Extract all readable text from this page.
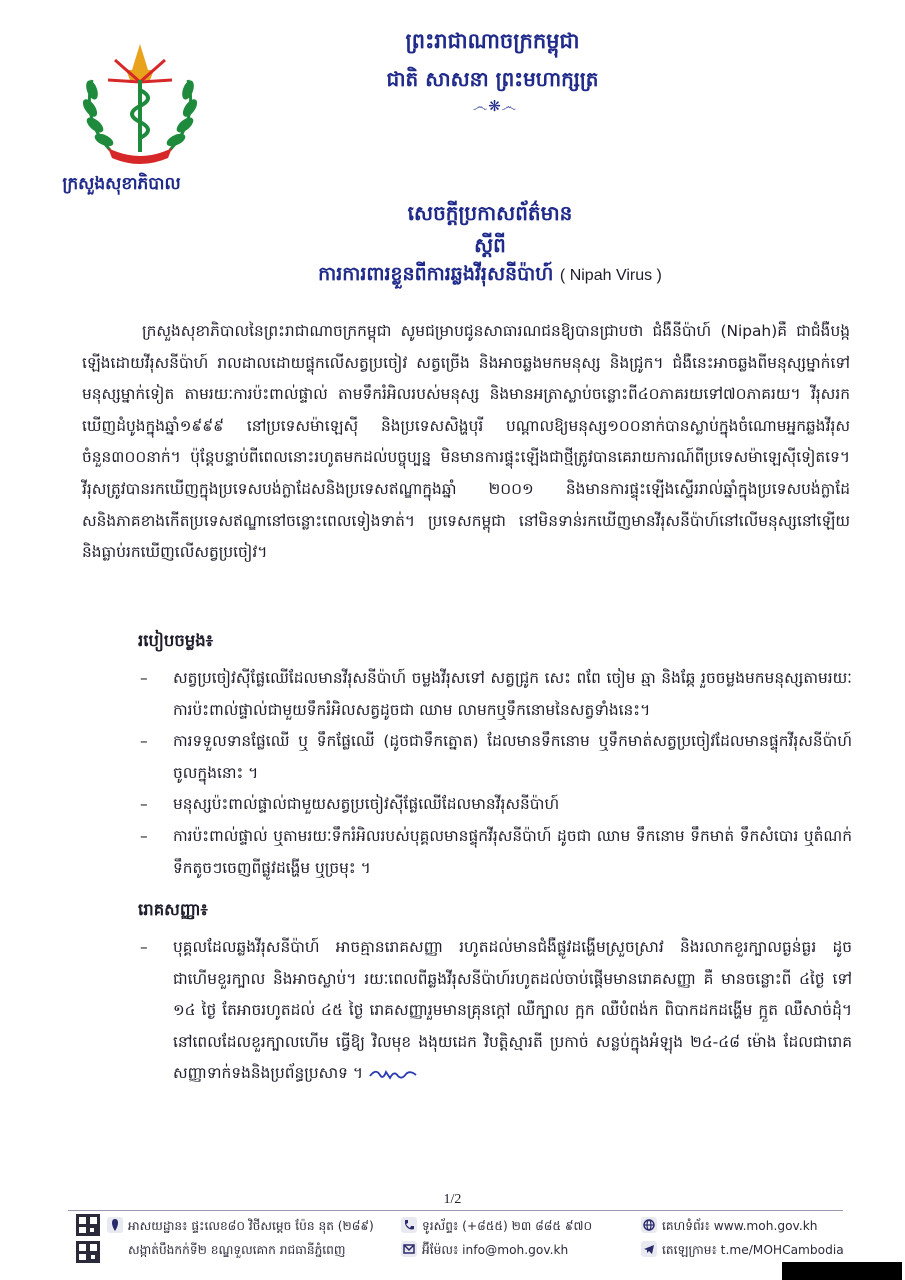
ក្រសួងសុខាភិបាល
ព្រះរាជាណាចក្រកម្ពុជា
ជាតិ សាសនា ព្រះមហាក្សត្រ
෴❋෴
សេចក្តីប្រកាសព័ត៌មាន
ស្តីពី
ការការពារខ្លួនពីការឆ្លងវីរុសនីប៉ាហ៍ ( Nipah Virus )

ក្រសួងសុខាភិបាលនៃព្រះរាជាណាចក្រកម្ពុជា សូមជម្រាបជូនសាធារណជនឱ្យបានជ្រាបថា ជំងឺនីប៉ាហ៍ (Nipah)គឺ ជាជំងឺបង្កឡើងដោយវីរុសនីប៉ាហ៍ រាលដាលដោយផ្ទុកលើសត្វប្រចៀវ សត្វច្រើង និងអាចឆ្លងមកមនុស្ស និងជ្រូក។ ជំងឺនេះអាចឆ្លងពីមនុស្សម្នាក់ទៅមនុស្សម្នាក់ទៀត តាមរយៈការប៉ះពាល់ផ្ទាល់ តាមទឹករំអិលរបស់មនុស្ស និងមានអត្រាស្លាប់ចន្លោះពី៤០ភាគរយទៅ៧០ភាគរយ។ វីរុសរកឃើញដំបូងក្នុងឆ្នាំ១៩៩៩ នៅប្រទេសម៉ាឡេស៊ី និងប្រទេសសិង្ហបុរី បណ្ដាលឱ្យមនុស្ស១០០នាក់បានស្លាប់ក្នុងចំណោមអ្នកឆ្លងវីរុសចំនួន៣០០នាក់។ ប៉ុន្តែបន្ទាប់ពីពេលនោះរហូតមកដល់បច្ចុប្បន្ន មិនមានការផ្ទុះឡើងជាថ្មីត្រូវបានគេរាយការណ៍ពីប្រទេសម៉ាឡេស៊ីទៀតទេ។ វីរុសត្រូវបានរកឃើញក្នុងប្រទេសបង់ក្លាដែសនិងប្រទេសឥណ្ឌាក្នុងឆ្នាំ ២០០១ និងមានការផ្ទុះឡើងស្ទើររាល់ឆ្នាំក្នុងប្រទេសបង់ក្លាដែសនិងភាគខាងកើតប្រទេសឥណ្ឌានៅចន្លោះពេលទៀងទាត់។ ប្រទេសកម្ពុជា នៅមិនទាន់រកឃើញមានវីរុសនីប៉ាហ៍នៅលើមនុស្សនៅឡើយ និងធ្លាប់រកឃើញលើសត្វប្រចៀវ។

របៀបចម្លង៖
– សត្វប្រចៀវស៊ីផ្លែឈើដែលមានវីរុសនីប៉ាហ៍ ចម្លងវីរុសទៅ សត្វជ្រូក សេះ ពពែ ចៀម ឆ្មា និងឆ្កែ រួចចម្លងមកមនុស្សតាមរយៈការប៉ះពាល់ផ្ទាល់ជាមួយទឹករំអិលសត្វដូចជា ឈាម លាមកឬទឹកនោមនៃសត្វទាំងនេះ។
– ការទទួលទានផ្លែឈើ ឬ ទឹកផ្លែឈើ (ដូចជាទឹកត្នោត) ដែលមានទឹកនោម ឬទឹកមាត់សត្វប្រចៀវដែលមានផ្ទុកវីរុសនីប៉ាហ៍ចូលក្នុងនោះ ។
– មនុស្សប៉ះពាល់ផ្ទាល់ជាមួយសត្វប្រចៀវស៊ីផ្លែឈើដែលមានវីរុសនីប៉ាហ៍
– ការប៉ះពាល់ផ្ទាល់ ឬតាមរយៈទឹករំអិលរបស់បុគ្គលមានផ្ទុកវីរុសនីប៉ាហ៍ ដូចជា ឈាម ទឹកនោម ទឹកមាត់ ទឹកសំបោរ ឬតំណក់ទឹកតូចៗចេញពីផ្លូវដង្ហើម ឬច្រមុះ ។
រោគសញ្ញា៖
– បុគ្គលដែលឆ្លងវីរុសនីប៉ាហ៍ អាចគ្មានរោគសញ្ញា រហូតដល់មានជំងឺផ្លូវដង្ហើមស្រួចស្រាវ និងរលាកខួរក្បាលធ្ងន់ធ្ងរ ដូចជាហើមខួរក្បាល និងអាចស្លាប់។ រយៈពេលពីឆ្លងវីរុសនីប៉ាហ៍រហូតដល់ចាប់ផ្តើមមានរោគសញ្ញា គឺ មានចន្លោះពី ៤ថ្ងៃ ទៅ ១៤ ថ្ងៃ តែអាចរហូតដល់ ៤៥ ថ្ងៃ រោគសញ្ញារួមមានគ្រុនក្ដៅ ឈឺក្បាល ក្អក ឈឺបំពង់ក ពិបាកដកដង្ហើម ក្អួត ឈឺសាច់ដុំ។ នៅពេលដែលខួរក្បាលហើម ធ្វើឱ្យ វិលមុខ ងងុយដេក វិបត្តិស្មារតី ប្រកាច់ សន្លប់ក្នុងអំឡុង ២៤-៤៨ ម៉ោង ដែលជារោគសញ្ញាទាក់ទងនិងប្រព័ន្ធប្រសាទ ។
1/2
អាសយដ្ឋាន៖ ផ្ទះលេខ៨០ វិថីសម្ដេច ប៉ែន នុត (២៨៩)
សង្កាត់បឹងកក់ទី២ ខណ្ឌទួលគោក រាជធានីភ្នំពេញ
ទូរស័ព្ទ៖ (+៨៥៥) ២៣ ៨៨៥ ៩៧០
អ៊ីម៉ែល៖ info@moh.gov.kh
គេហទំព័រ៖ www.moh.gov.kh
តេឡេក្រាម៖ t.me/MOHCambodia
